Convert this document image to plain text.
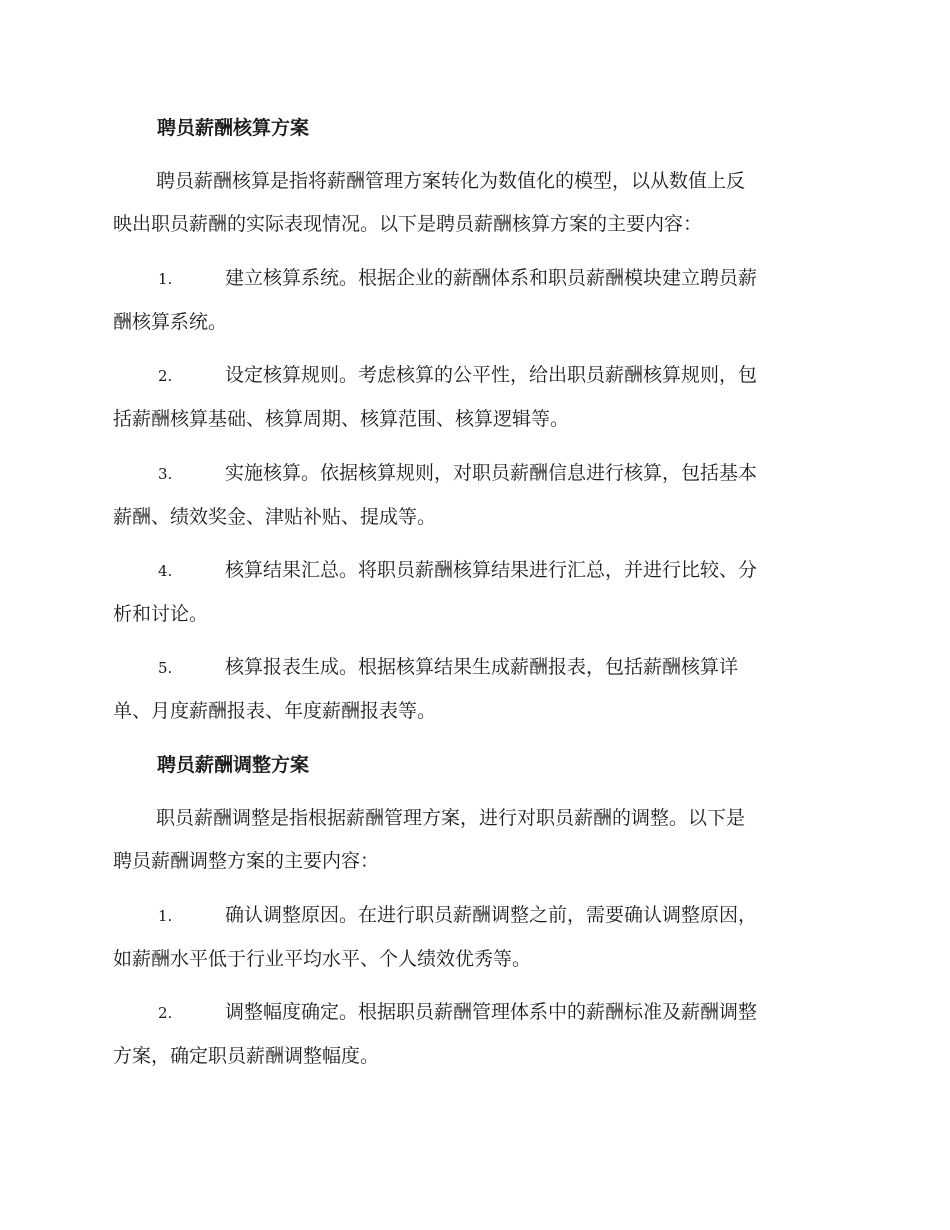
聘员薪酬核算方案
聘员薪酬核算是指将薪酬管理方案转化为数值化的模型，以从数值上反
映出职员薪酬的实际表现情况。以下是聘员薪酬核算方案的主要内容：
1.	建立核算系统。根据企业的薪酬体系和职员薪酬模块建立聘员薪
酬核算系统。
2.	设定核算规则。考虑核算的公平性，给出职员薪酬核算规则，包
括薪酬核算基础、核算周期、核算范围、核算逻辑等。
3.	实施核算。依据核算规则，对职员薪酬信息进行核算，包括基本
薪酬、绩效奖金、津贴补贴、提成等。
4.	核算结果汇总。将职员薪酬核算结果进行汇总，并进行比较、分
析和讨论。
5.	核算报表生成。根据核算结果生成薪酬报表，包括薪酬核算详
单、月度薪酬报表、年度薪酬报表等。
聘员薪酬调整方案
职员薪酬调整是指根据薪酬管理方案，进行对职员薪酬的调整。以下是
聘员薪酬调整方案的主要内容：
1.	确认调整原因。在进行职员薪酬调整之前，需要确认调整原因，
如薪酬水平低于行业平均水平、个人绩效优秀等。
2.	调整幅度确定。根据职员薪酬管理体系中的薪酬标准及薪酬调整
方案，确定职员薪酬调整幅度。
